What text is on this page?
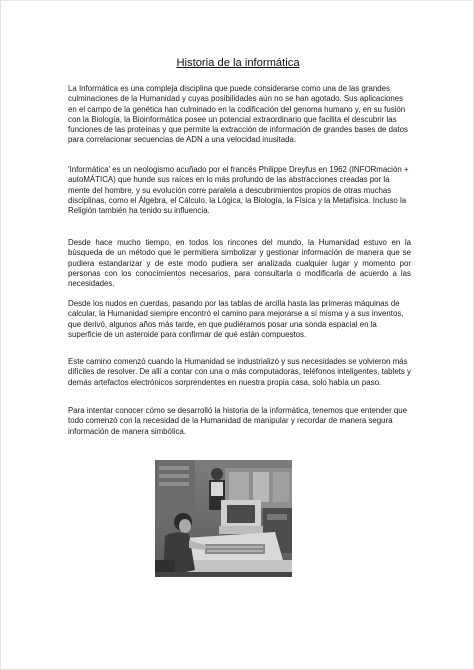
Historia de la informática

La Informática es una compleja disciplina que puede considerarse como una de las grandes culminaciones de la Humanidad y cuyas posibilidades aún no se han agotado. Sus aplicaciones en el campo de la genética han culminado en la codificación del genoma humano y, en su fusión con la Biología, la Bioinformática posee un potencial extraordinario que facilita el descubrir las funciones de las proteínas y que permite la extracción de información de grandes bases de datos para correlacionar secuencias de ADN a una velocidad inusitada.

'Informática' es un neologismo acuñado por el francés Philippe Dreyfus en 1962 (INFORmación + autoMÁTICA) que hunde sus raíces en lo más profundo de las abstracciones creadas por la mente del hombre, y su evolución corre paralela a descubrimientos propios de otras muchas disciplinas, como el Álgebra, el Cálculo, la Lógica, la Biología, la Física y la Metafísica. Incluso la Religión también ha tenido su influencia.

Desde hace mucho tiempo, en todos los rincones del mundo, la Humanidad estuvo en la búsqueda de un método que le permitiera simbolizar y gestionar información de manera que se pudiera estandarizar y de este modo pudiera ser analizada cualquier lugar y momento por personas con los conocimientos necesarios, para consultarla o modificarla de acuerdo a las necesidades.

Desde los nudos en cuerdas, pasando por las tablas de arcilla hasta las primeras máquinas de calcular, la Humanidad siempre encontró el camino para mejorarse a sí misma y a sus inventos, que derivó, algunos años más tarde, en que pudiéramos posar una sonda espacial en la superficie de un asteroide para confirmar de qué están compuestos.

Este camino comenzó cuando la Humanidad se industrializó y sus necesidades se volvieron más difíciles de resolver. De allí a contar con una o más computadoras, teléfonos inteligentes, tablets y demás artefactos electrónicos sorprendentes en nuestra propia casa, solo había un paso.

Para intentar conocer cómo se desarrolló la historia de la informática, tenemos que entender que todo comenzó con la necesidad de la Humanidad de manipular y recordar de manera segura información de manera simbólica.
